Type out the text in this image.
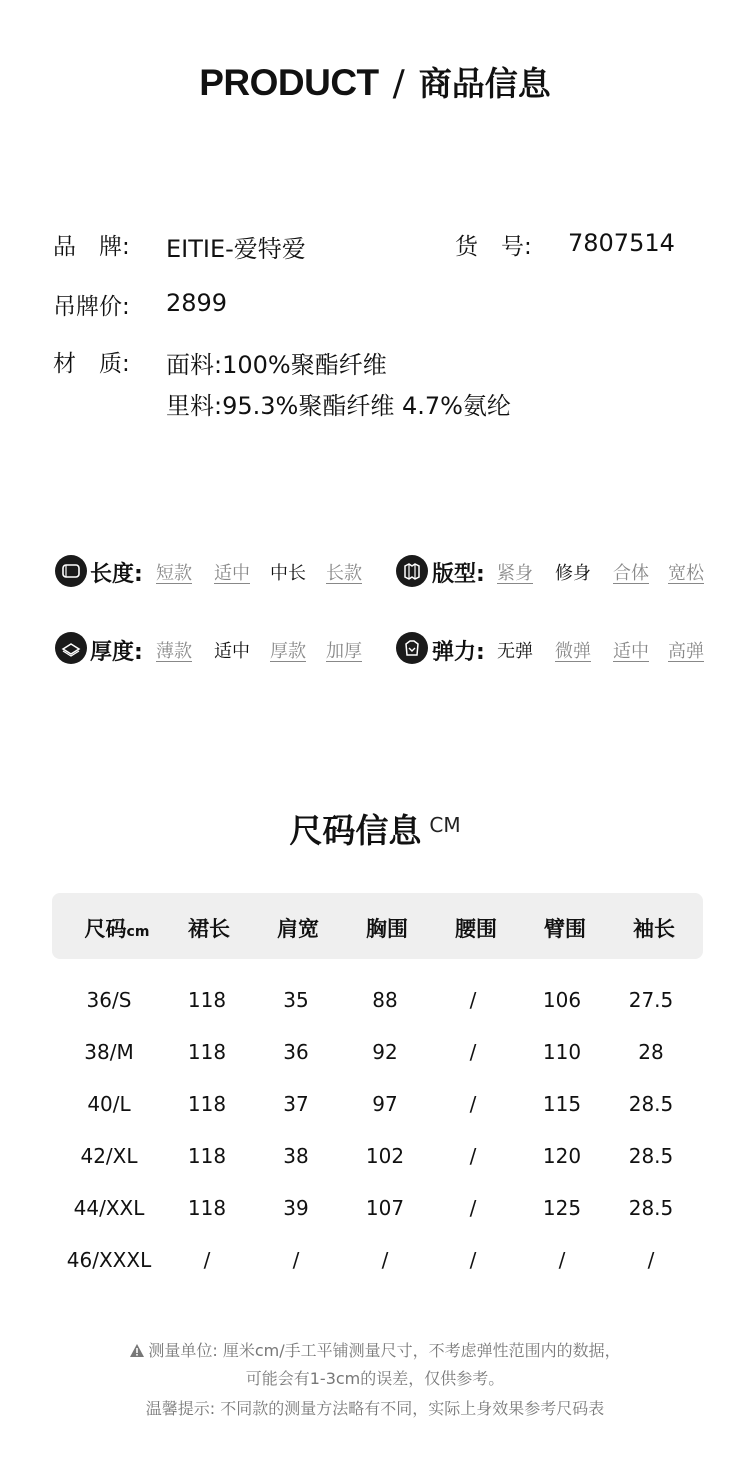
PRODUCT / 商品信息
品　牌: EITIE-爱特爱	货　号: 7807514
吊牌价: 2899
材　质: 面料:100%聚酯纤维
里料:95.3%聚酯纤维 4.7%氨纶
长度: 短款 适中 中长 长款	版型: 紧身 修身 合体 宽松
厚度: 薄款 适中 厚款 加厚	弹力: 无弹 微弹 适中 高弹
尺码信息 CM
尺码cm	裙长	肩宽	胸围	腰围	臂围	袖长
36/S	118	35	88	/	106	27.5
38/M	118	36	92	/	110	28
40/L	118	37	97	/	115	28.5
42/XL	118	38	102	/	120	28.5
44/XXL	118	39	107	/	125	28.5
46/XXXL	/	/	/	/	/	/
测量单位: 厘米cm/手工平铺测量尺寸，不考虑弹性范围内的数据，
可能会有1-3cm的误差，仅供参考。
温馨提示: 不同款的测量方法略有不同，实际上身效果参考尺码表
